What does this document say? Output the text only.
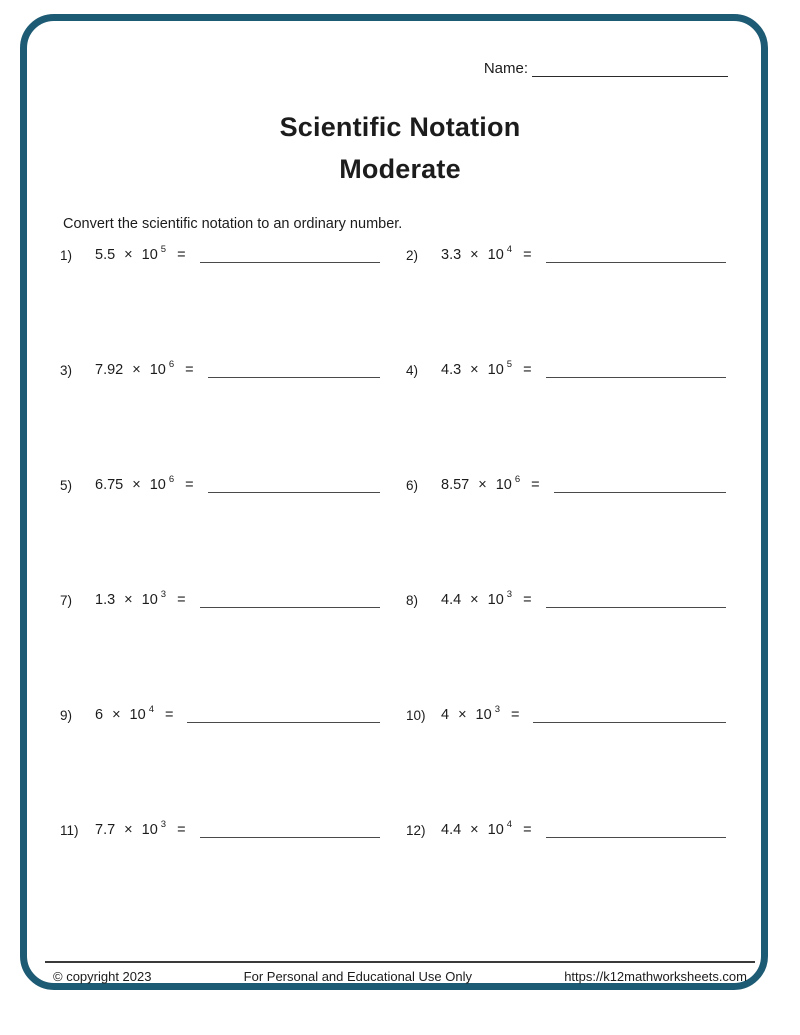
Name:
Scientific Notation
Moderate
Convert the scientific notation to an ordinary number.
1)	5.5 × 10 $^5$ =	2)	3.3 × 10 $^4$ =
3)	7.92 × 10 $^6$ =	4)	4.3 × 10 $^5$ =
5)	6.75 × 10 $^6$ =	6)	8.57 × 10 $^6$ =
7)	1.3 × 10 $^3$ =	8)	4.4 × 10 $^3$ =
9)	6 × 10 $^4$ =	10)	4 × 10 $^3$ =
11)	7.7 × 10 $^3$ =	12)	4.4 × 10 $^4$ =
© copyright 2023	For Personal and Educational Use Only	https://k12mathworksheets.com
